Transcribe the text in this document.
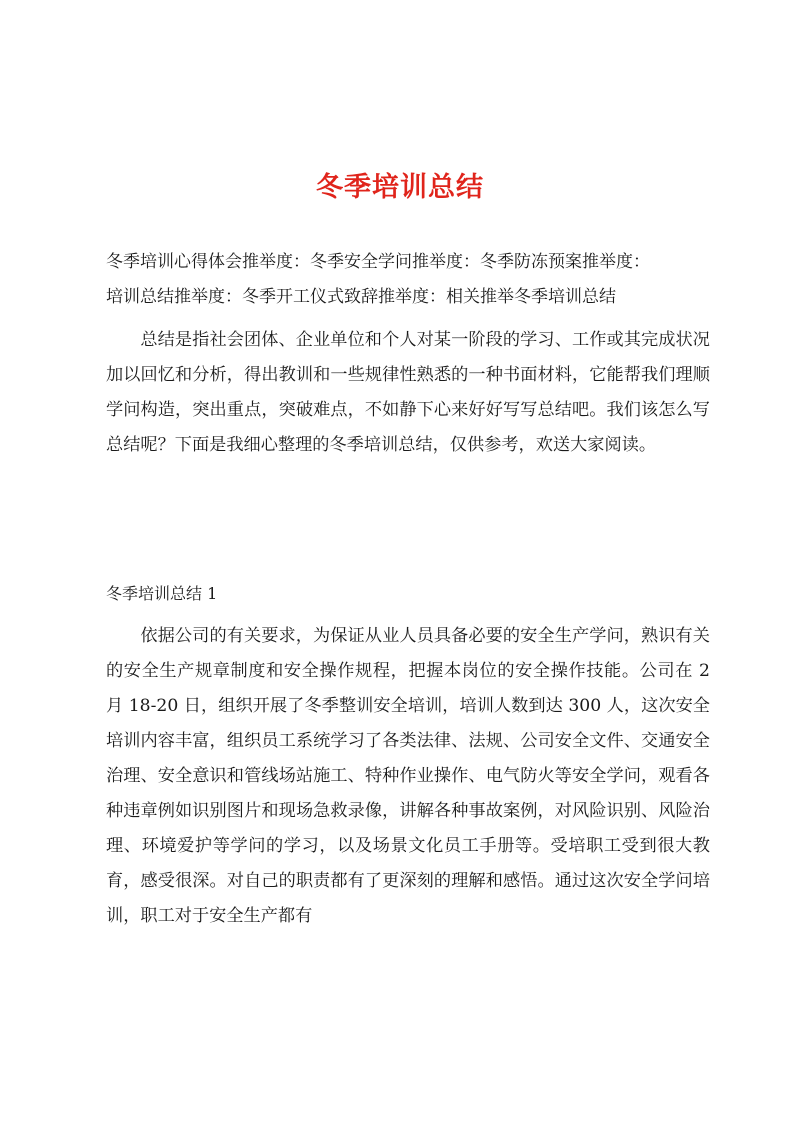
冬季培训总结

冬季培训心得体会推举度：冬季安全学问推举度：冬季防冻预案推举度：

培训总结推举度：冬季开工仪式致辞推举度：相关推举冬季培训总结

总结是指社会团体、企业单位和个人对某一阶段的学习、工作或其完成状况加以回忆和分析，得出教训和一些规律性熟悉的一种书面材料，它能帮我们理顺学问构造，突出重点，突破难点，不如静下心来好好写写总结吧。我们该怎么写总结呢？下面是我细心整理的冬季培训总结，仅供参考，欢送大家阅读。

冬季培训总结 1

依据公司的有关要求，为保证从业人员具备必要的安全生产学问，熟识有关的安全生产规章制度和安全操作规程，把握本岗位的安全操作技能。公司在 2 月 18-20 日，组织开展了冬季整训安全培训，培训人数到达 300 人，这次安全培训内容丰富，组织员工系统学习了各类法律、法规、公司安全文件、交通安全治理、安全意识和管线场站施工、特种作业操作、电气防火等安全学问，观看各种违章例如识别图片和现场急救录像，讲解各种事故案例，对风险识别、风险治理、环境爱护等学问的学习，以及场景文化员工手册等。受培职工受到很大教育，感受很深。对自己的职责都有了更深刻的理解和感悟。通过这次安全学问培训，职工对于安全生产都有
